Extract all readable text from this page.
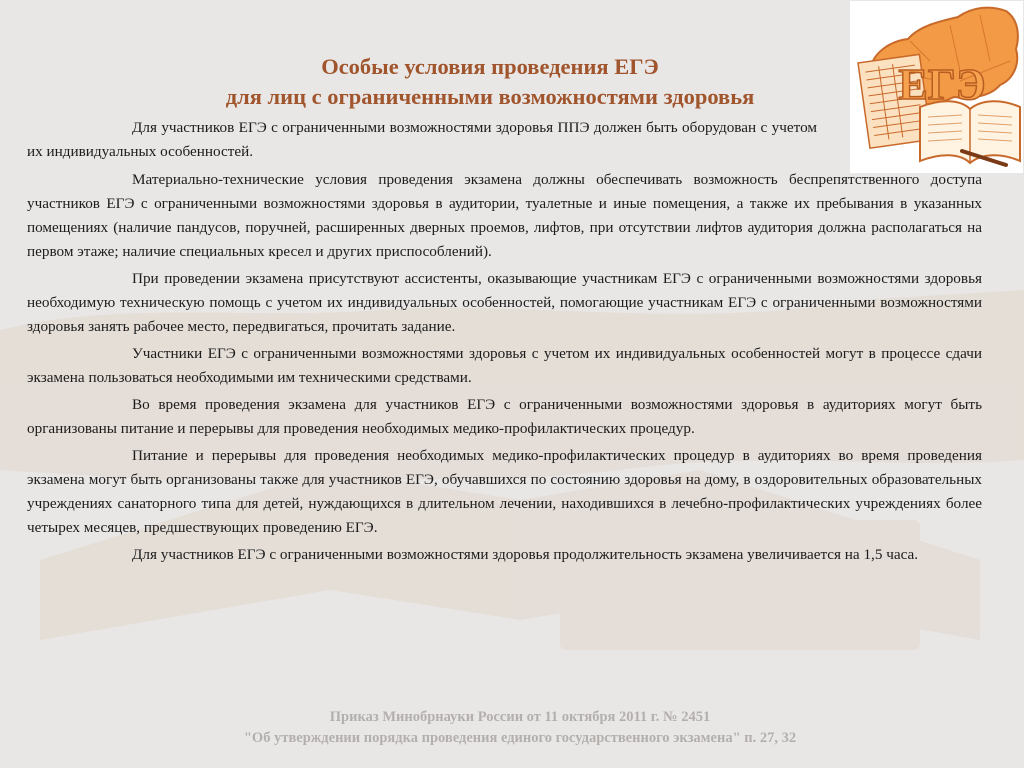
Особые условия проведения ЕГЭ
для лиц с ограниченными возможностями здоровья	ЕГЭ

Для участников ЕГЭ с ограниченными возможностями здоровья ППЭ должен быть оборудован с учетом их индивидуальных особенностей.

Материально-технические условия проведения экзамена должны обеспечивать возможность беспрепятственного доступа участников ЕГЭ с ограниченными возможностями здоровья в аудитории, туалетные и иные помещения, а также их пребывания в указанных помещениях (наличие пандусов, поручней, расширенных дверных проемов, лифтов, при отсутствии лифтов аудитория должна располагаться на первом этаже; наличие специальных кресел и других приспособлений).

При проведении экзамена присутствуют ассистенты, оказывающие участникам ЕГЭ с ограниченными возможностями здоровья необходимую техническую помощь с учетом их индивидуальных особенностей, помогающие участникам ЕГЭ с ограниченными возможностями здоровья занять рабочее место, передвигаться, прочитать задание.

Участники ЕГЭ с ограниченными возможностями здоровья с учетом их индивидуальных особенностей могут в процессе сдачи экзамена пользоваться необходимыми им техническими средствами.

Во время проведения экзамена для участников ЕГЭ с ограниченными возможностями здоровья в аудиториях могут быть организованы питание и перерывы для проведения необходимых медико-профилактических процедур.

Питание и перерывы для проведения необходимых медико-профилактических процедур в аудиториях во время проведения экзамена могут быть организованы также для участников ЕГЭ, обучавшихся по состоянию здоровья на дому, в оздоровительных образовательных учреждениях санаторного типа для детей, нуждающихся в длительном лечении, находившихся в лечебно-профилактических учреждениях более четырех месяцев, предшествующих проведению ЕГЭ.

Для участников ЕГЭ с ограниченными возможностями здоровья продолжительность экзамена увеличивается на 1,5 часа.

Приказ Минобрнауки России от 11 октября 2011 г. № 2451
"Об утверждении порядка проведения единого государственного экзамена" п. 27, 32
